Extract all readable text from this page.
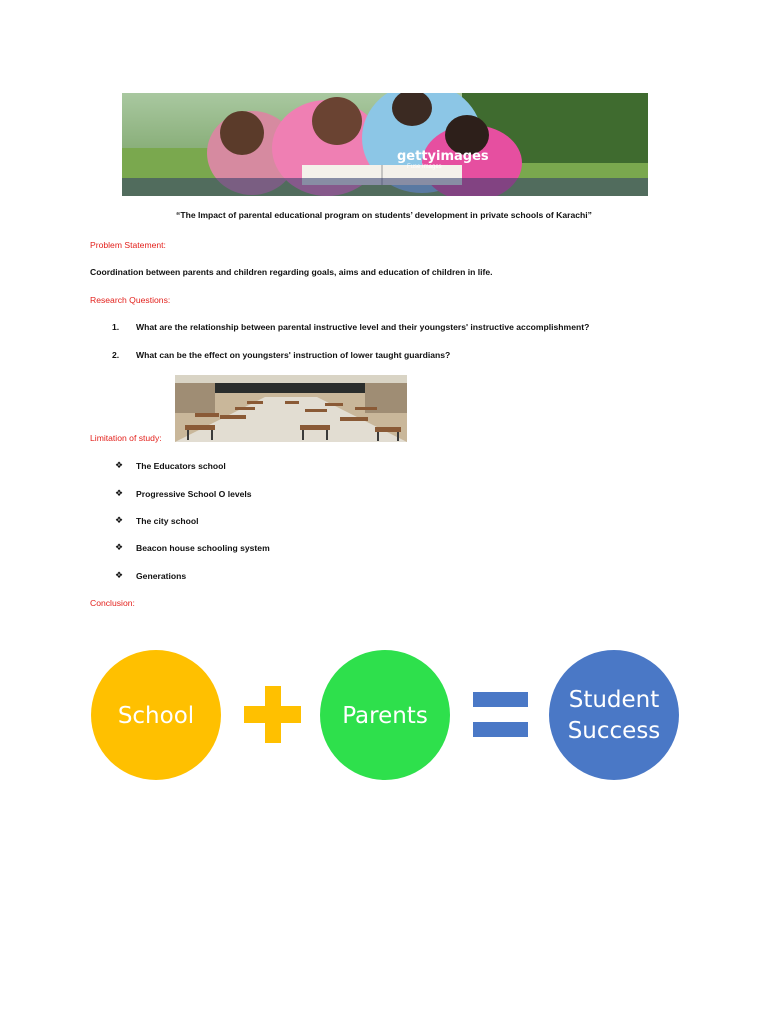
gettyimages
Fuse Images
“The Impact of parental educational program on students’ development in private schools of Karachi”
Problem Statement:
Coordination between parents and children regarding goals, aims and education of children in life.
Research Questions:
1. What are the relationship between parental instructive level and their youngsters' instructive accomplishment?
2. What can be the effect on youngsters' instruction of lower taught guardians?
Limitation of study:
❖ The Educators school
❖ Progressive School O levels
❖ The city school
❖ Beacon house schooling system
❖ Generations
Conclusion:
School	Parents
Student
Success
